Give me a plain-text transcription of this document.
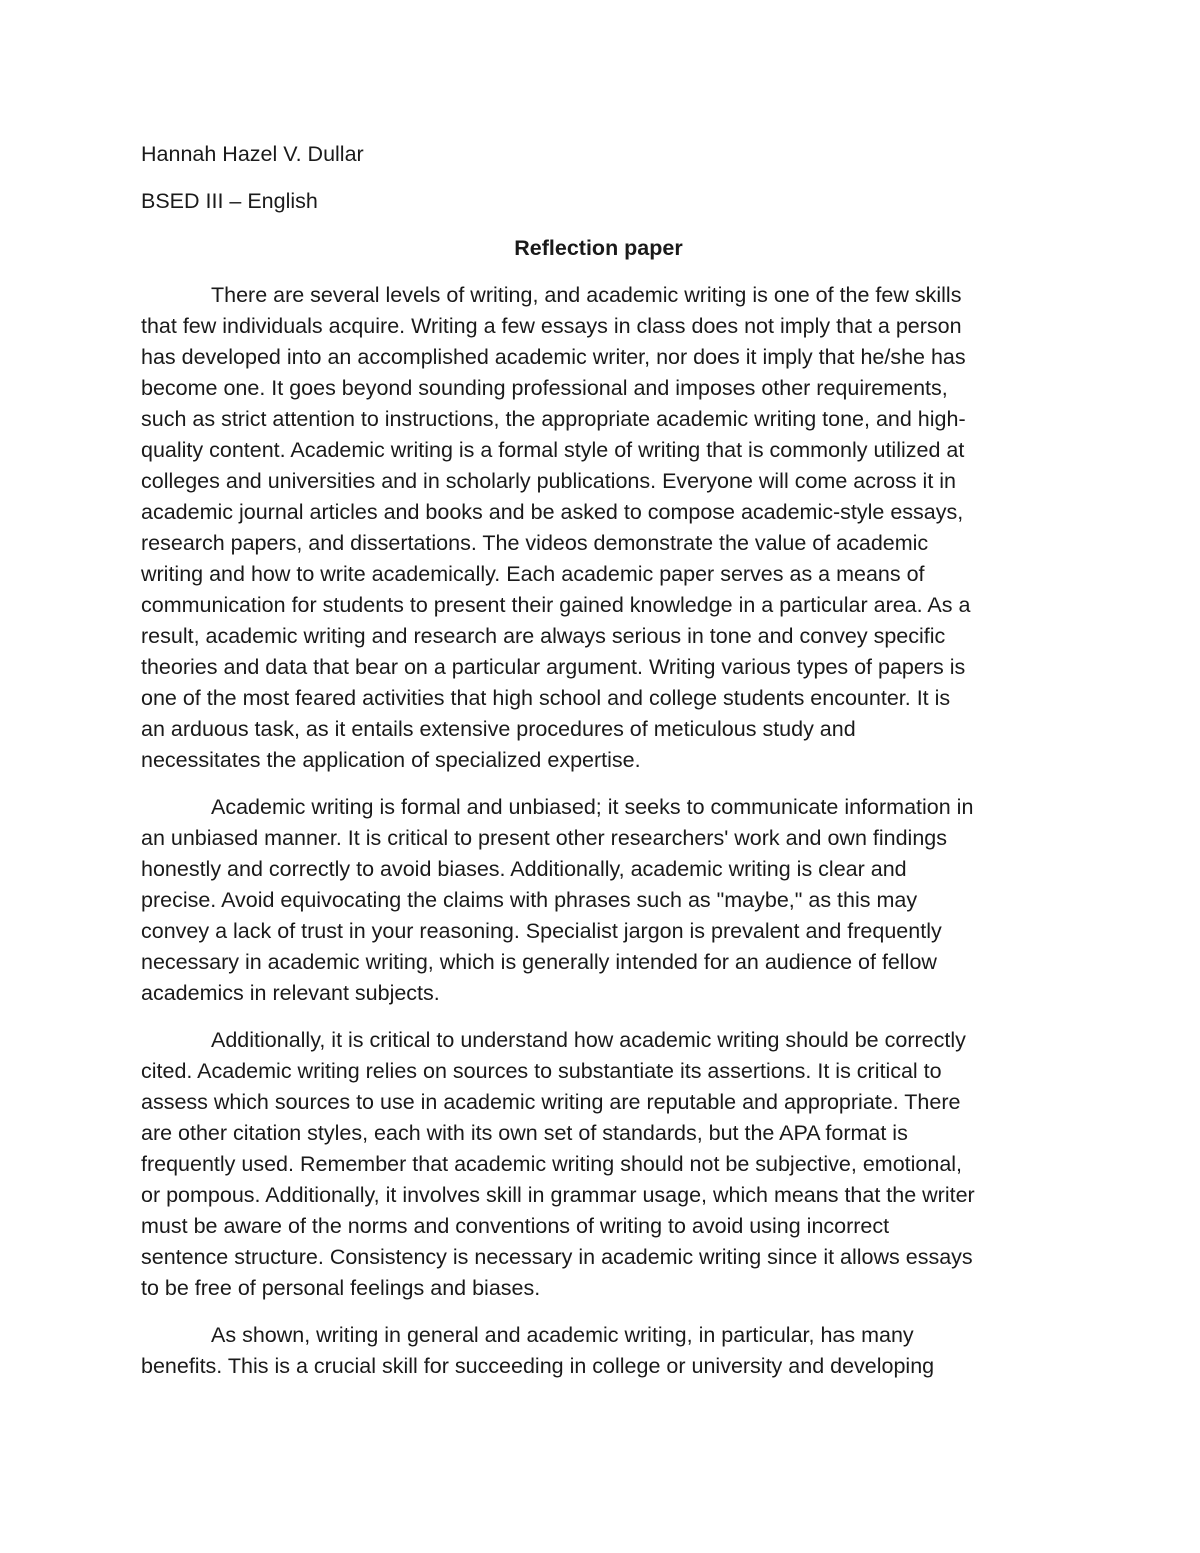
Hannah Hazel V. Dullar
BSED III – English
Reflection paper
There are several levels of writing, and academic writing is one of the few skills
that few individuals acquire. Writing a few essays in class does not imply that a person
has developed into an accomplished academic writer, nor does it imply that he/she has
become one. It goes beyond sounding professional and imposes other requirements,
such as strict attention to instructions, the appropriate academic writing tone, and high-
quality content. Academic writing is a formal style of writing that is commonly utilized at
colleges and universities and in scholarly publications. Everyone will come across it in
academic journal articles and books and be asked to compose academic-style essays,
research papers, and dissertations. The videos demonstrate the value of academic
writing and how to write academically. Each academic paper serves as a means of
communication for students to present their gained knowledge in a particular area. As a
result, academic writing and research are always serious in tone and convey specific
theories and data that bear on a particular argument. Writing various types of papers is
one of the most feared activities that high school and college students encounter. It is
an arduous task, as it entails extensive procedures of meticulous study and
necessitates the application of specialized expertise.
Academic writing is formal and unbiased; it seeks to communicate information in
an unbiased manner. It is critical to present other researchers' work and own findings
honestly and correctly to avoid biases. Additionally, academic writing is clear and
precise. Avoid equivocating the claims with phrases such as "maybe," as this may
convey a lack of trust in your reasoning. Specialist jargon is prevalent and frequently
necessary in academic writing, which is generally intended for an audience of fellow
academics in relevant subjects.
Additionally, it is critical to understand how academic writing should be correctly
cited. Academic writing relies on sources to substantiate its assertions. It is critical to
assess which sources to use in academic writing are reputable and appropriate. There
are other citation styles, each with its own set of standards, but the APA format is
frequently used. Remember that academic writing should not be subjective, emotional,
or pompous. Additionally, it involves skill in grammar usage, which means that the writer
must be aware of the norms and conventions of writing to avoid using incorrect
sentence structure. Consistency is necessary in academic writing since it allows essays
to be free of personal feelings and biases.
As shown, writing in general and academic writing, in particular, has many
benefits. This is a crucial skill for succeeding in college or university and developing
